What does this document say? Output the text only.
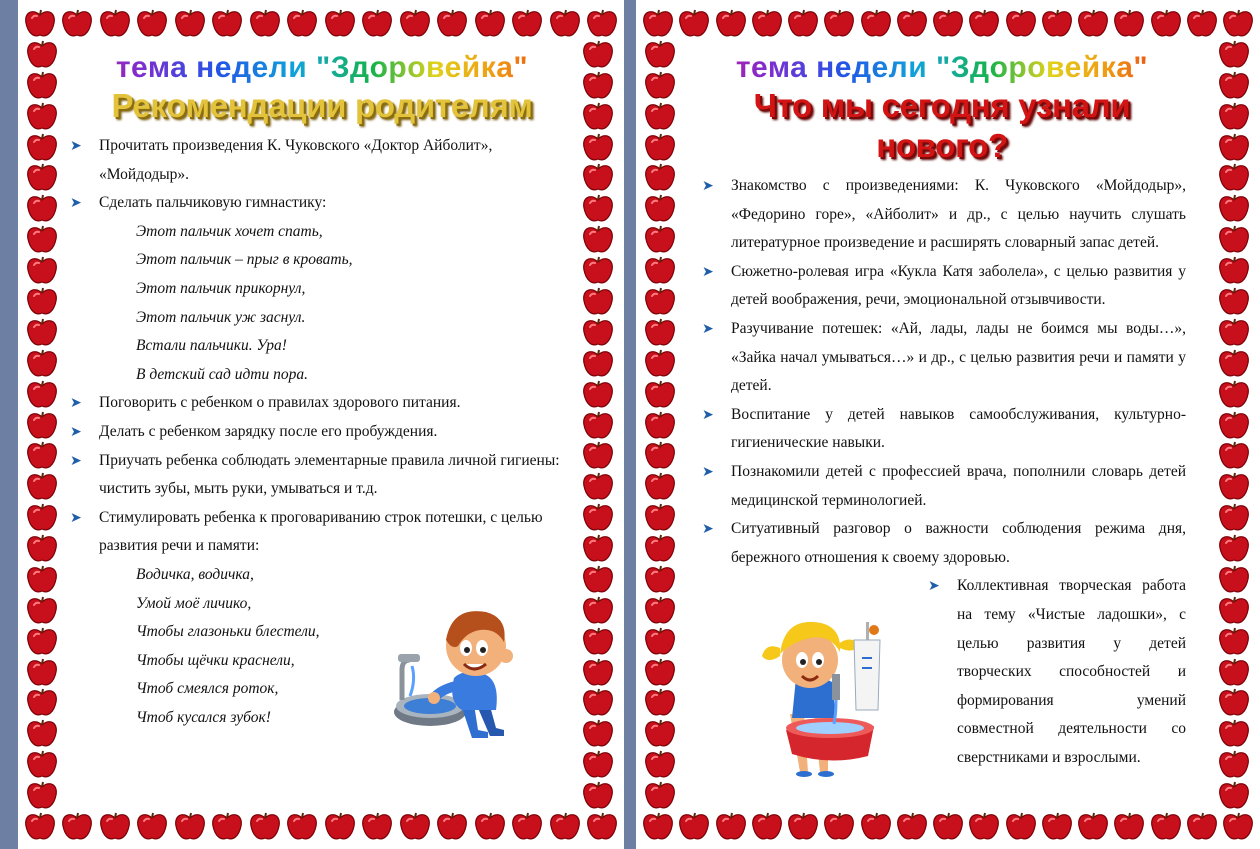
тема недели "Здоровейка"
Рекомендации родителям
➤ Прочитать произведения К. Чуковского «Доктор Айболит», «Мойдодыр».
➤ Сделать пальчиковую гимнастику:
Этот пальчик хочет спать,
Этот пальчик – прыг в кровать,
Этот пальчик прикорнул,
Этот пальчик уж заснул.
Встали пальчики. Ура!
В детский сад идти пора.
➤ Поговорить с ребенком о правилах здорового питания.
➤ Делать с ребенком зарядку после его пробуждения.
➤ Приучать ребенка соблюдать элементарные правила личной гигиены: чистить зубы, мыть руки, умываться и т.д.
➤ Стимулировать ребенка к проговариванию строк потешки, с целью развития речи и памяти:
Водичка, водичка,
Умой моё личико,
Чтобы глазоньки блестели,
Чтобы щёчки краснели,
Чтоб смеялся роток,
Чтоб кусался зубок!
тема недели "Здоровейка"
Что мы сегодня узнали нового?
➤ Знакомство с произведениями: К. Чуковского «Мойдодыр», «Федорино горе», «Айболит» и др., с целью научить слушать литературное произведение и расширять словарный запас детей.
➤ Сюжетно-ролевая игра «Кукла Катя заболела», с целью развития у детей воображения, речи, эмоциональной отзывчивости.
➤ Разучивание потешек: «Ай, лады, лады не боимся мы воды…», «Зайка начал умываться…» и др., с целью развития речи и памяти у детей.
➤ Воспитание у детей навыков самообслуживания, культурно-гигиенические навыки.
➤ Познакомили детей с профессией врача, пополнили словарь детей медицинской терминологией.
➤ Ситуативный разговор о важности соблюдения режима дня, бережного отношения к своему здоровью.
➤ Коллективная творческая работа на тему «Чистые ладошки», с целью развития у детей творческих способностей и формирования умений совместной деятельности со сверстниками и взрослыми.
